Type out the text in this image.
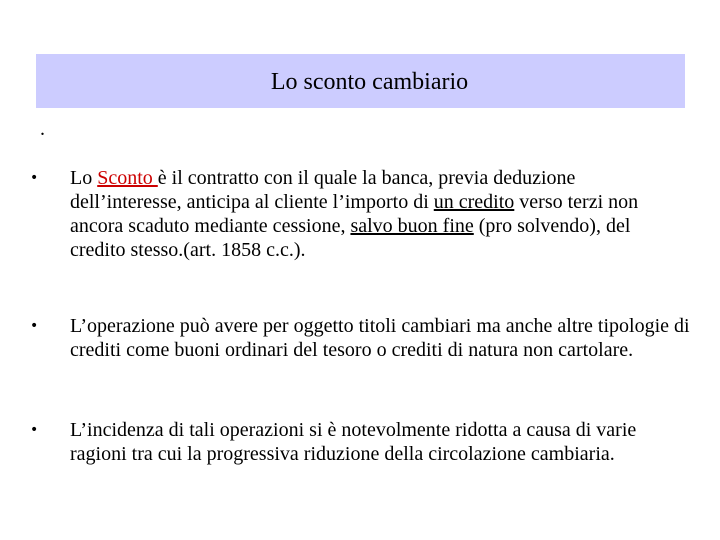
Lo sconto cambiario
.
•	Lo Sconto è il contratto con il quale la banca, previa deduzione dell’interesse, anticipa al cliente l’importo di un credito verso terzi non ancora scaduto mediante cessione, salvo buon fine (pro solvendo), del credito stesso.(art. 1858 c.c.).
•	L’operazione può avere per oggetto titoli cambiari ma anche altre tipologie di crediti come buoni ordinari del tesoro o crediti di natura non cartolare.
•	L’incidenza di tali operazioni si è notevolmente ridotta a causa di varie ragioni tra cui la progressiva riduzione della circolazione cambiaria.
